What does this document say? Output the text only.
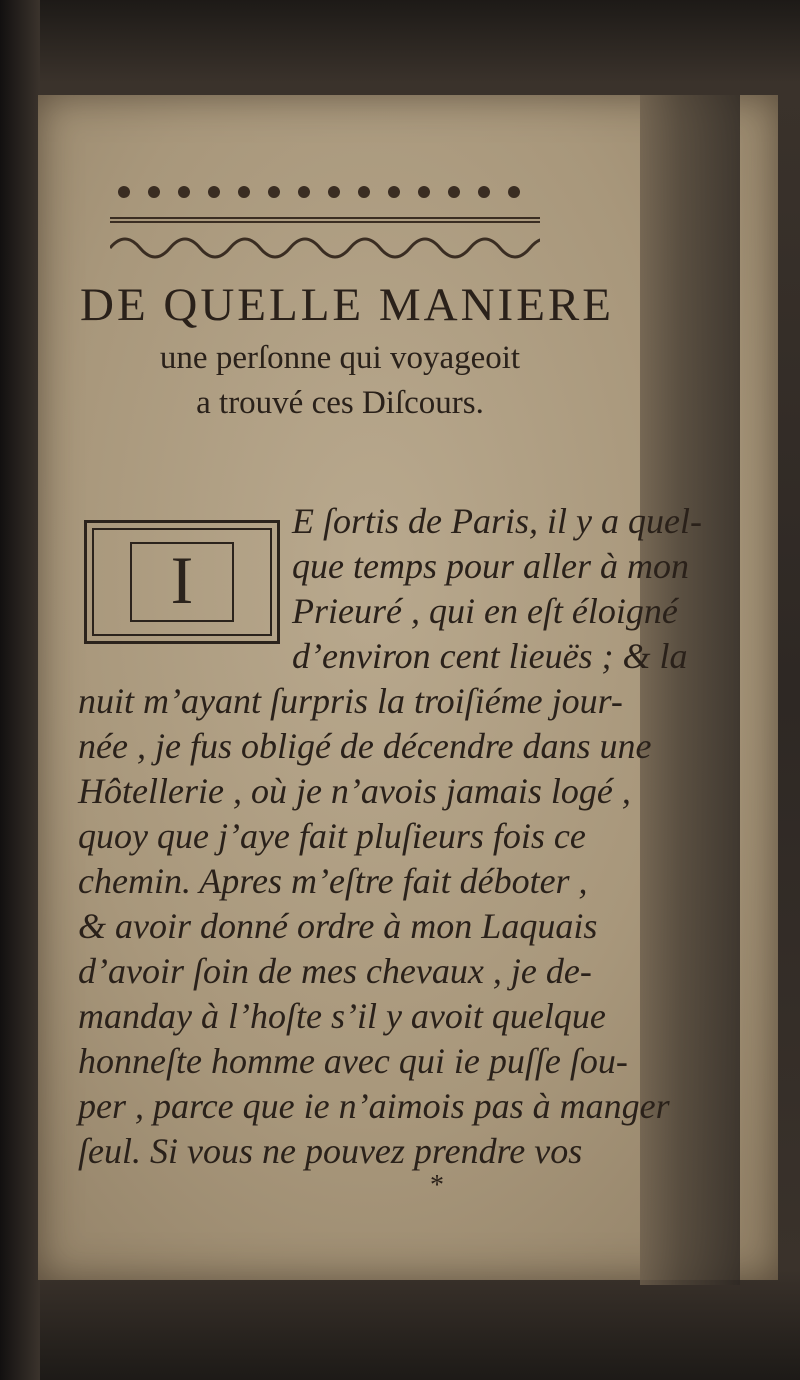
DE QUELLE MANIERE
une perſonne qui voyageoit
a trouvé ces Diſcours.
I
E ſortis de Paris, il y a quel-
que temps pour aller à mon
Prieuré , qui en eſt éloigné
d’environ cent lieuës ; & la
nuit m’ayant ſurpris la troiſiéme jour-
née , je fus obligé de décendre dans une
Hôtellerie , où je n’avois jamais logé ,
quoy que j’aye fait pluſieurs fois ce
chemin. Apres m’eſtre fait déboter ,
& avoir donné ordre à mon Laquais
d’avoir ſoin de mes chevaux , je de-
manday à l’hoſte s’il y avoit quelque
honneſte homme avec qui ie puſſe ſou-
per , parce que ie n’aimois pas à manger
ſeul. Si vous ne pouvez prendre vos
*
